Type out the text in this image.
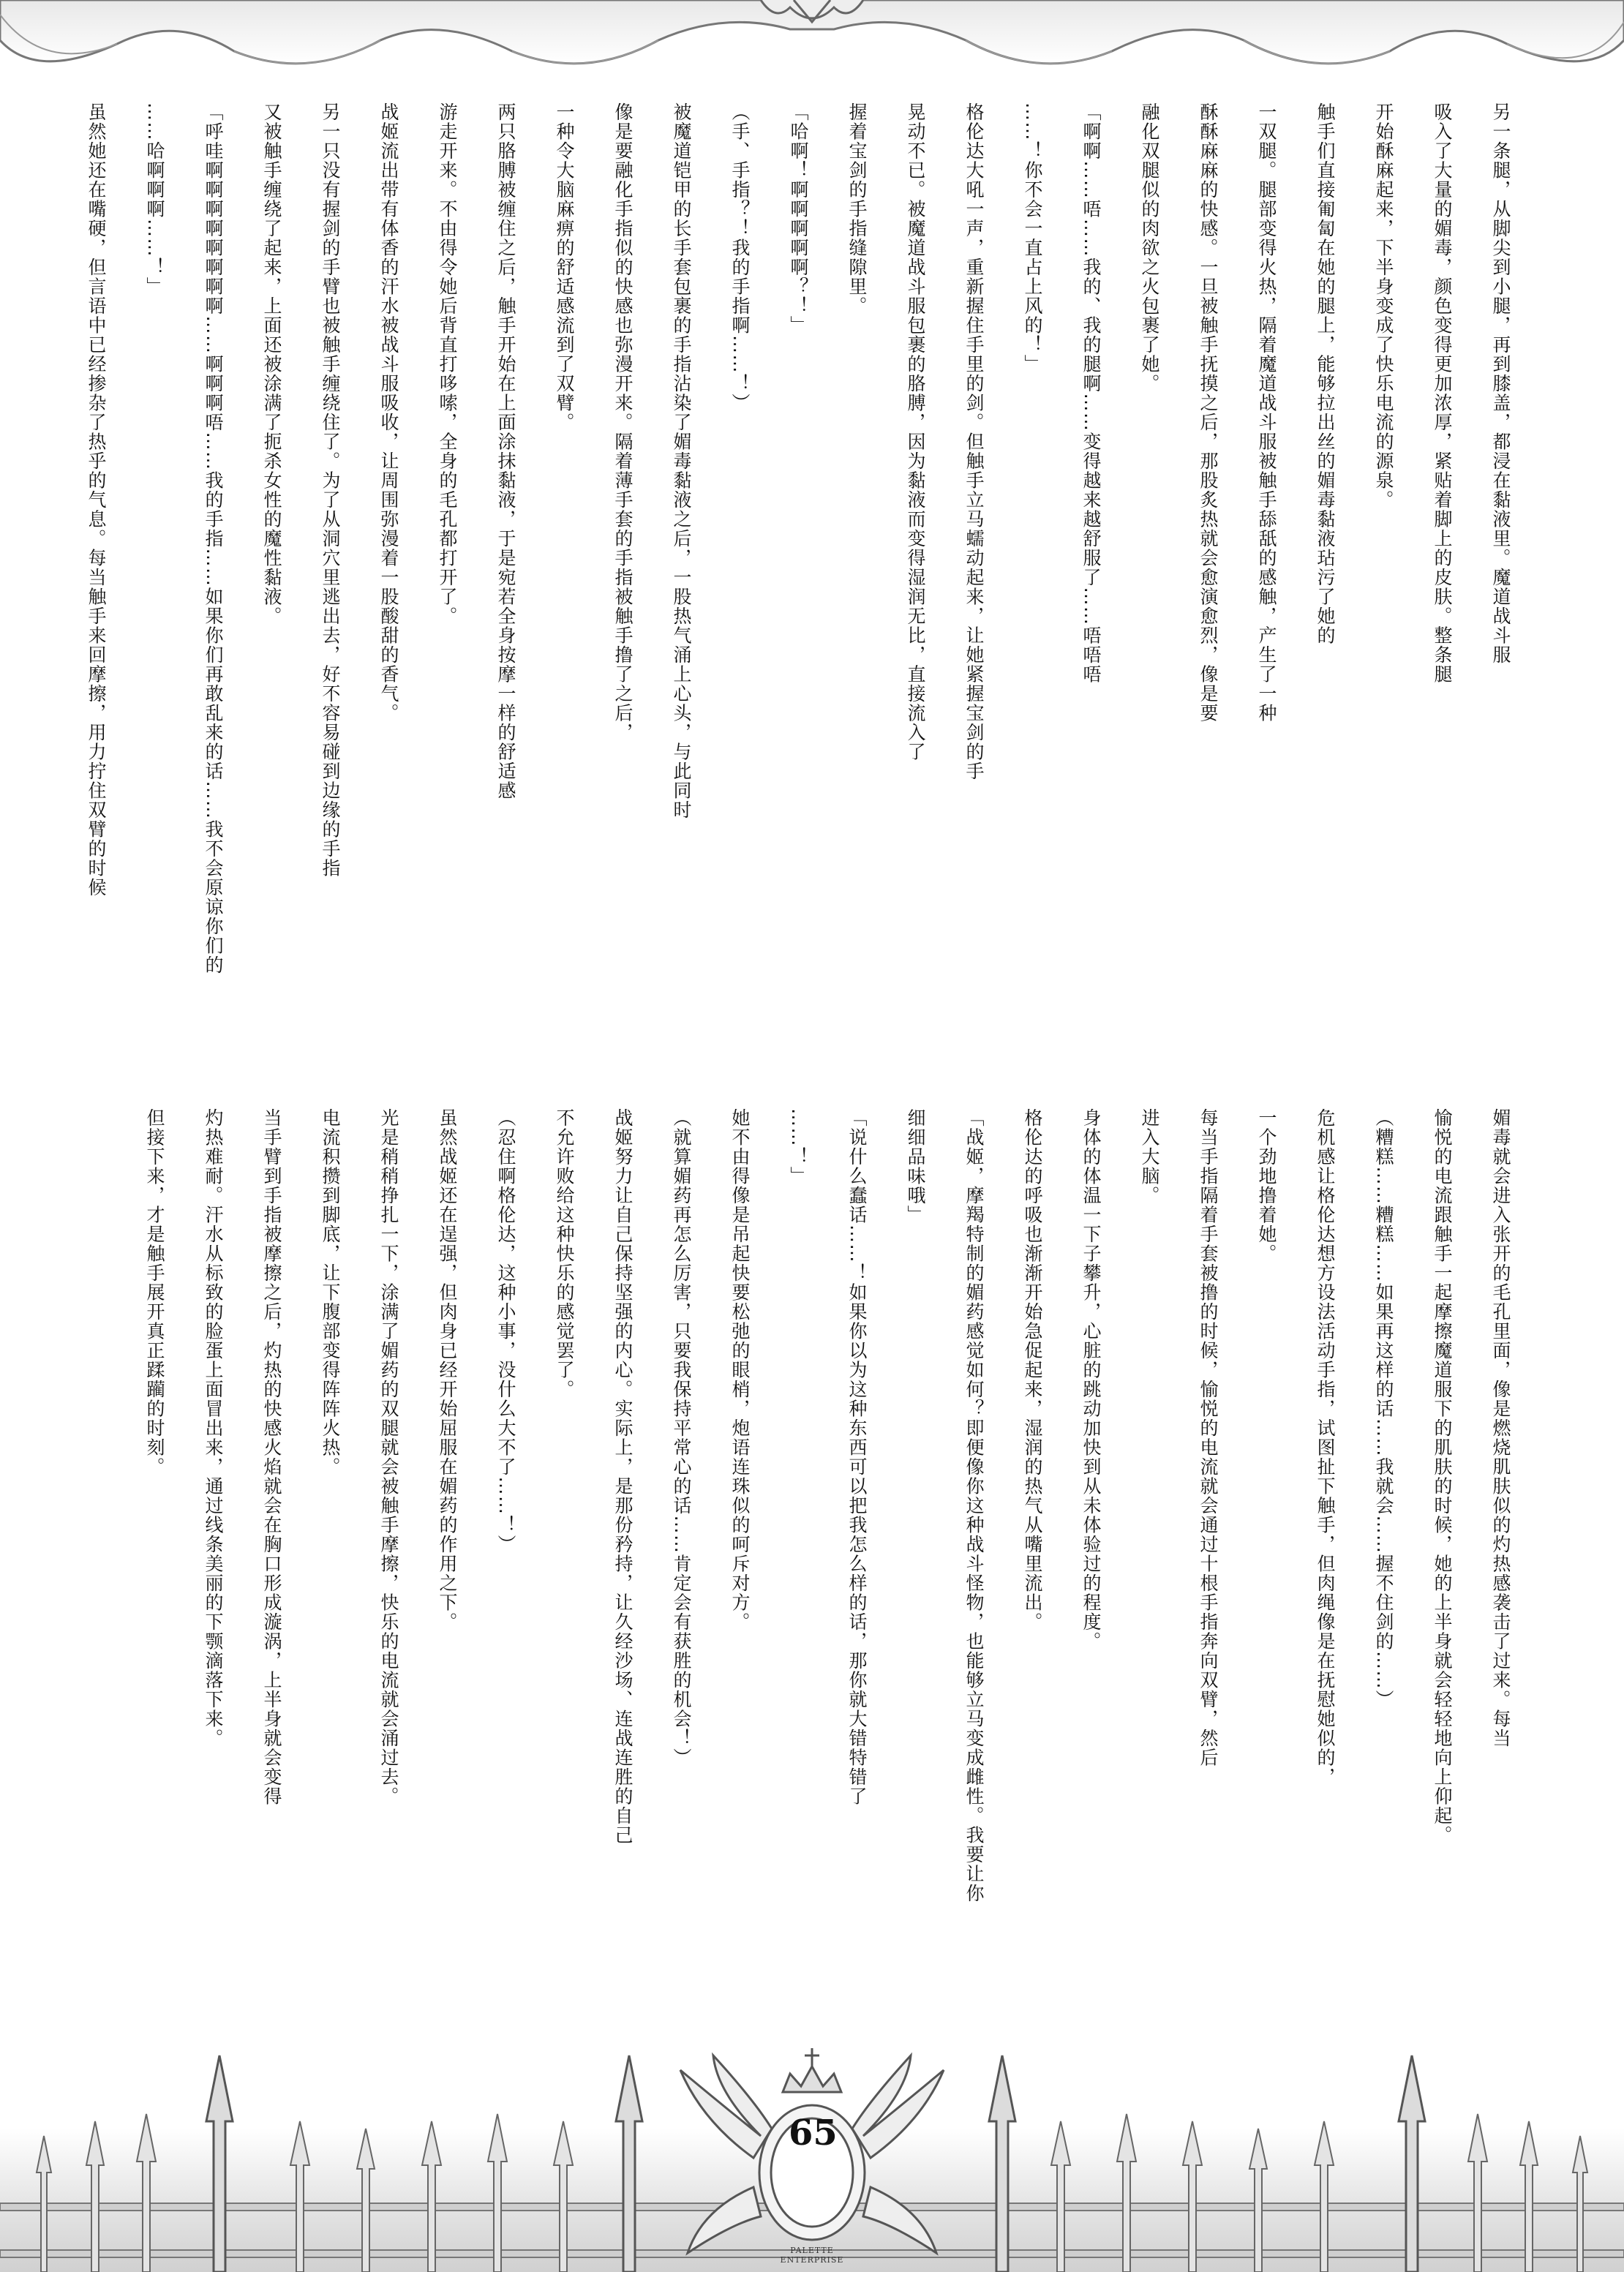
另一条腿，从脚尖到小腿，再到膝盖，都浸在黏液里。魔道战斗服
吸入了大量的媚毒，颜色变得更加浓厚，紧贴着脚上的皮肤。整条腿
开始酥麻起来，下半身变成了快乐电流的源泉。
触手们直接匍匐在她的腿上，能够拉出丝的媚毒黏液玷污了她的
一双腿。腿部变得火热，隔着魔道战斗服被触手舔舐的感触，产生了一种
酥酥麻麻的快感。一旦被触手抚摸之后，那股炙热就会愈演愈烈，像是要
融化双腿似的肉欲之火包裹了她。
「啊啊……唔……我的、我的腿啊……变得越来越舒服了……唔唔唔
……！你不会一直占上风的！」
格伦达大吼一声，重新握住手里的剑。但触手立马蠕动起来，让她紧握宝剑的手
晃动不已。被魔道战斗服包裹的胳膊，因为黏液而变得湿润无比，直接流入了
握着宝剑的手指缝隙里。
「哈啊！啊啊啊啊啊？！」
（手、手指？！我的手指啊……！）
被魔道铠甲的长手套包裹的手指沾染了媚毒黏液之后，一股热气涌上心头，与此同时
像是要融化手指似的快感也弥漫开来。隔着薄手套的手指被触手撸了之后，
一种令大脑麻痹的舒适感流到了双臂。
两只胳膊被缠住之后，触手开始在上面涂抹黏液，于是宛若全身按摩一样的舒适感
游走开来。不由得令她后背直打哆嗦，全身的毛孔都打开了。
战姬流出带有体香的汗水被战斗服吸收，让周围弥漫着一股酸甜的香气。
另一只没有握剑的手臂也被触手缠绕住了。为了从洞穴里逃出去，好不容易碰到边缘的手指
又被触手缠绕了起来，上面还被涂满了扼杀女性的魔性黏液。
「呼哇啊啊啊啊啊啊啊啊……啊啊啊唔……我的手指……如果你们再敢乱来的话……我不会原谅你们的
……哈啊啊啊……！」
虽然她还在嘴硬，但言语中已经掺杂了热乎的气息。每当触手来回摩擦，用力拧住双臂的时候
媚毒就会进入张开的毛孔里面，像是燃烧肌肤似的灼热感袭击了过来。每当
愉悦的电流跟触手一起摩擦魔道服下的肌肤的时候，她的上半身就会轻轻地向上仰起。
（糟糕……糟糕……如果再这样的话……我就会……握不住剑的……）
危机感让格伦达想方设法活动手指，试图扯下触手，但肉绳像是在抚慰她似的，
一个劲地撸着她。
每当手指隔着手套被撸的时候，愉悦的电流就会通过十根手指奔向双臂，然后
进入大脑。
身体的体温一下子攀升，心脏的跳动加快到从未体验过的程度。
格伦达的呼吸也渐渐开始急促起来，湿润的热气从嘴里流出。
「战姬，摩羯特制的媚药感觉如何？即便像你这种战斗怪物，也能够立马变成雌性。我要让你
细细品味哦」
「说什么蠢话……！如果你以为这种东西可以把我怎么样的话，那你就大错特错了
……！」
她不由得像是吊起快要松弛的眼梢，炮语连珠似的呵斥对方。
（就算媚药再怎么厉害，只要我保持平常心的话……肯定会有获胜的机会！）
战姬努力让自己保持坚强的内心。实际上，是那份矜持，让久经沙场、连战连胜的自己
不允许败给这种快乐的感觉罢了。
（忍住啊格伦达，这种小事，没什么大不了……！）
虽然战姬还在逞强，但肉身已经开始屈服在媚药的作用之下。
光是稍稍挣扎一下，涂满了媚药的双腿就会被触手摩擦，快乐的电流就会涌过去。
电流积攒到脚底，让下腹部变得阵阵火热。
当手臂到手指被摩擦之后，灼热的快感火焰就会在胸口形成漩涡，上半身就会变得
灼热难耐。汗水从标致的脸蛋上面冒出来，通过线条美丽的下颚滴落下来。
但接下来，才是触手展开真正蹂躏的时刻。
65
PALETTE ENTERPRISE
